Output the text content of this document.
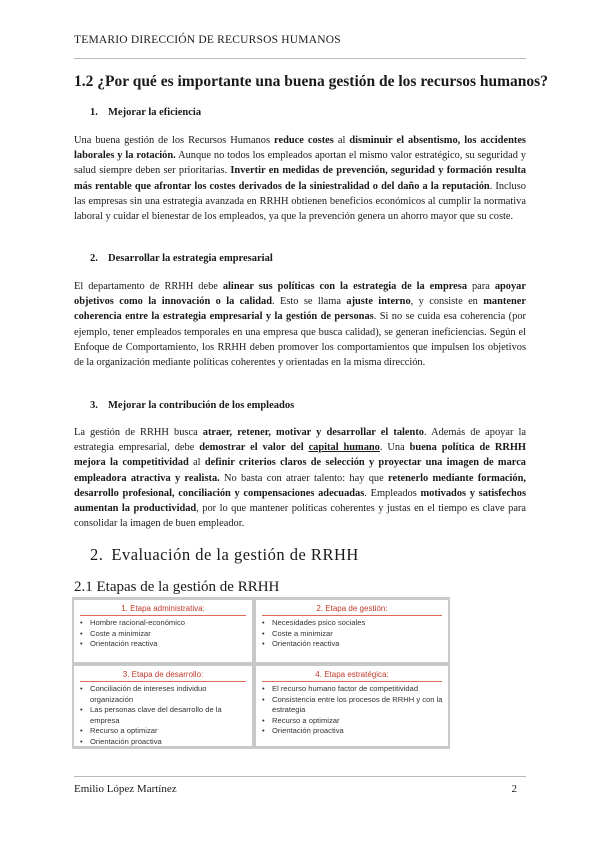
TEMARIO DIRECCIÓN DE RECURSOS HUMANOS
1.2 ¿Por qué es importante una buena gestión de los recursos humanos?
1. Mejorar la eficiencia

Una buena gestión de los Recursos Humanos reduce costes al disminuir el absentismo, los accidentes laborales y la rotación. Aunque no todos los empleados aportan el mismo valor estratégico, su seguridad y salud siempre deben ser prioritarias. Invertir en medidas de prevención, seguridad y formación resulta más rentable que afrontar los costes derivados de la siniestralidad o del daño a la reputación. Incluso las empresas sin una estrategia avanzada en RRHH obtienen beneficios económicos al cumplir la normativa laboral y cuidar el bienestar de los empleados, ya que la prevención genera un ahorro mayor que su coste.

2. Desarrollar la estrategia empresarial

El departamento de RRHH debe alinear sus políticas con la estrategia de la empresa para apoyar objetivos como la innovación o la calidad. Esto se llama ajuste interno, y consiste en mantener coherencia entre la estrategia empresarial y la gestión de personas. Si no se cuida esa coherencia (por ejemplo, tener empleados temporales en una empresa que busca calidad), se generan ineficiencias. Según el Enfoque de Comportamiento, los RRHH deben promover los comportamientos que impulsen los objetivos de la organización mediante políticas coherentes y orientadas en la misma dirección.

3. Mejorar la contribución de los empleados

La gestión de RRHH busca atraer, retener, motivar y desarrollar el talento. Además de apoyar la estrategia empresarial, debe demostrar el valor del capital humano. Una buena política de RRHH mejora la competitividad al definir criterios claros de selección y proyectar una imagen de marca empleadora atractiva y realista. No basta con atraer talento: hay que retenerlo mediante formación, desarrollo profesional, conciliación y compensaciones adecuadas. Empleados motivados y satisfechos aumentan la productividad, por lo que mantener políticas coherentes y justas en el tiempo es clave para consolidar la imagen de buen empleador.

2. Evaluación de la gestión de RRHH
2.1 Etapas de la gestión de RRHH
1. Etapa administrativa:
• Hombre racional-económico
• Coste a minimizar
• Orientación reactiva
2. Etapa de gestión:
• Necesidades psico sociales
• Coste a minimizar
• Orientación reactiva
3. Etapa de desarrollo:
• Conciliación de intereses individuo organización
• Las personas clave del desarrollo de la empresa
• Recurso a optimizar
• Orientación proactiva
4. Etapa estratégica:
• El recurso humano factor de competitividad
• Consistencia entre los procesos de RRHH y con la estrategia
• Recurso a optimizar
• Orientación proactiva
Emilio López Martínez	2
